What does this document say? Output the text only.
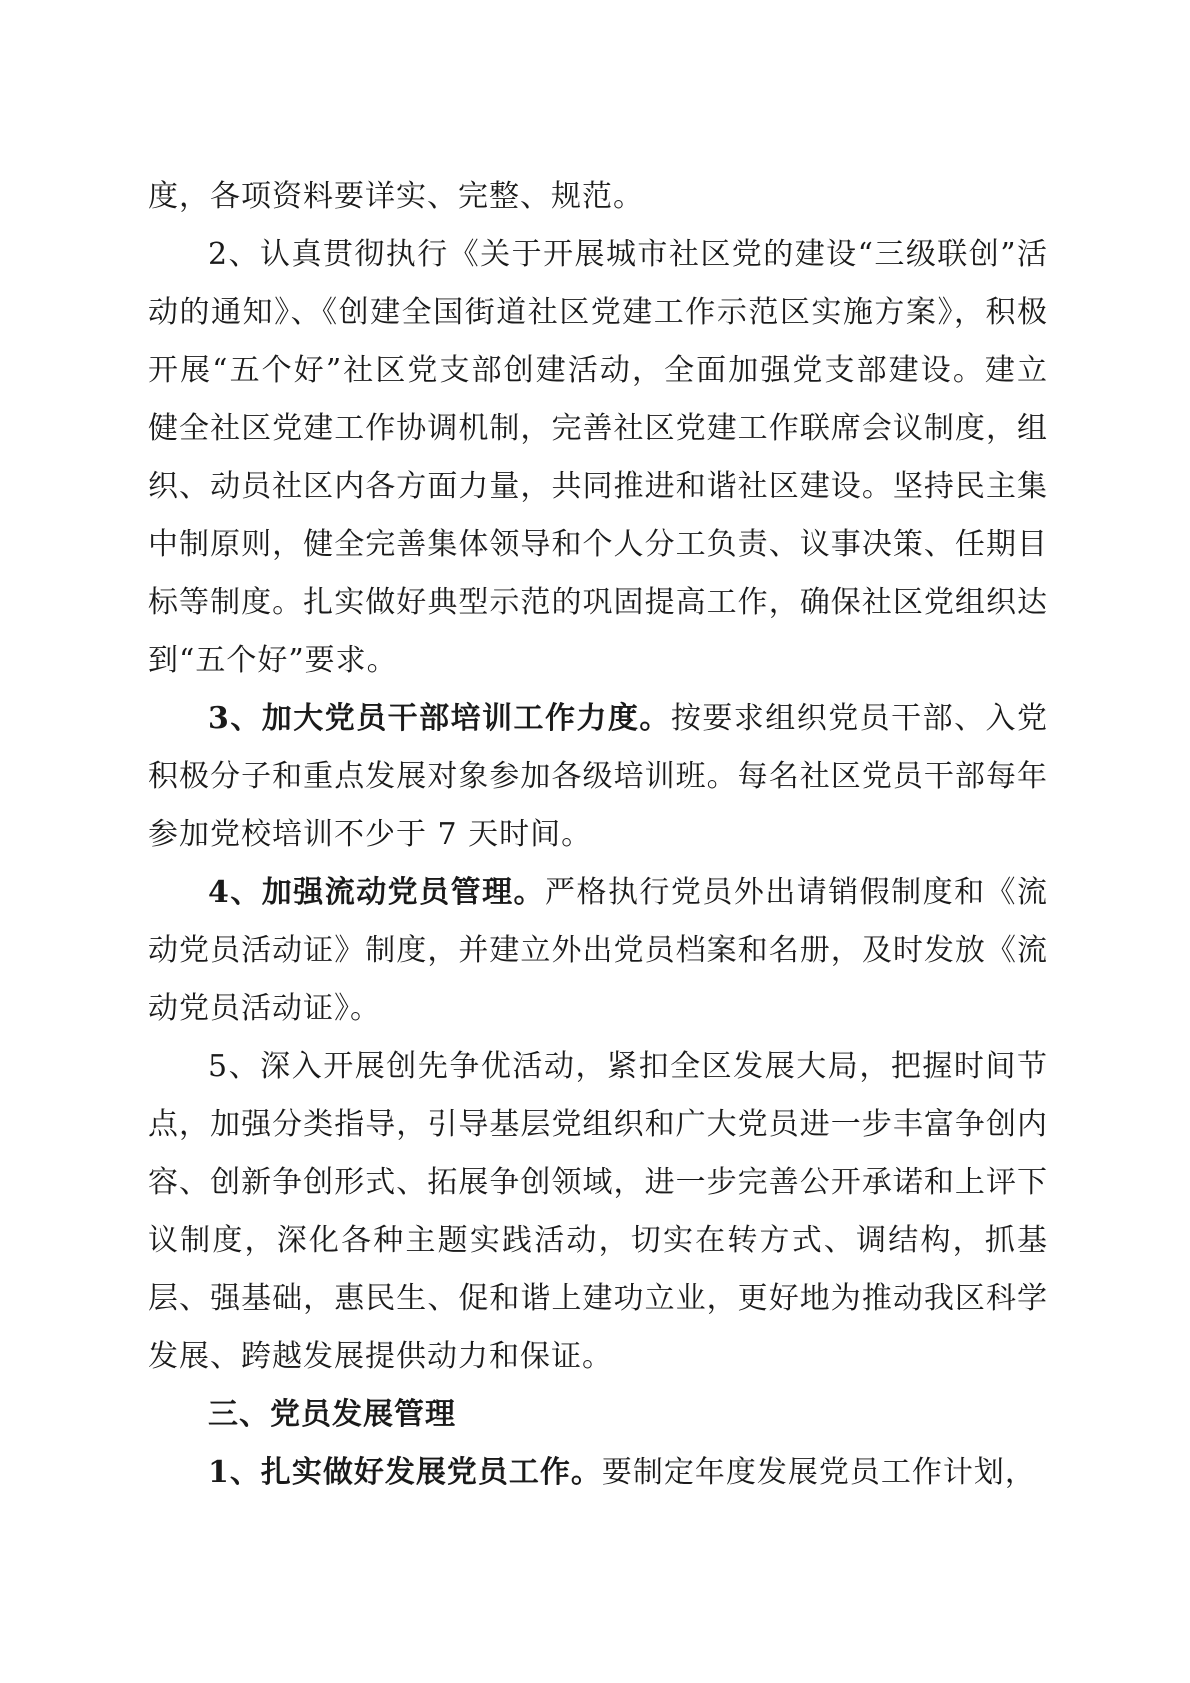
度，各项资料要详实、完整、规范。

2、认真贯彻执行《关于开展城市社区党的建设“三级联创”活动的通知》、《创建全国街道社区党建工作示范区实施方案》，积极开展“五个好”社区党支部创建活动，全面加强党支部建设。建立健全社区党建工作协调机制，完善社区党建工作联席会议制度，组织、动员社区内各方面力量，共同推进和谐社区建设。坚持民主集中制原则，健全完善集体领导和个人分工负责、议事决策、任期目标等制度。扎实做好典型示范的巩固提高工作，确保社区党组织达到“五个好”要求。

3、加大党员干部培训工作力度。按要求组织党员干部、入党积极分子和重点发展对象参加各级培训班。每名社区党员干部每年参加党校培训不少于 7 天时间。

4、加强流动党员管理。严格执行党员外出请销假制度和《流动党员活动证》制度，并建立外出党员档案和名册，及时发放《流动党员活动证》。

5、深入开展创先争优活动，紧扣全区发展大局，把握时间节点，加强分类指导，引导基层党组织和广大党员进一步丰富争创内容、创新争创形式、拓展争创领域，进一步完善公开承诺和上评下议制度，深化各种主题实践活动，切实在转方式、调结构，抓基层、强基础，惠民生、促和谐上建功立业，更好地为推动我区科学发展、跨越发展提供动力和保证。

三、党员发展管理

1、扎实做好发展党员工作。要制定年度发展党员工作计划，
